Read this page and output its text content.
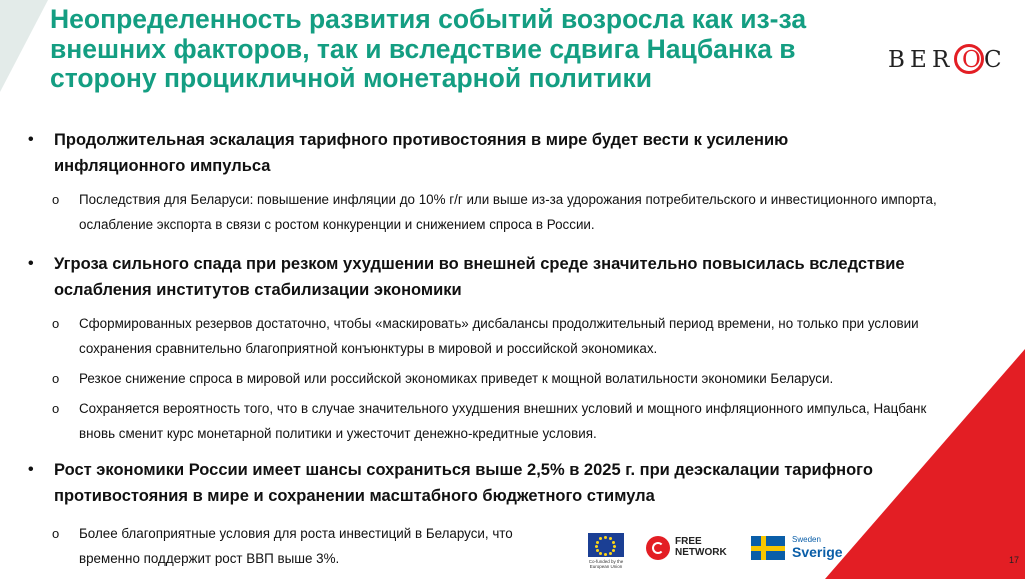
Неопределенность развития событий возросла как из-за внешних факторов, так и вследствие сдвига Нацбанка в сторону процикличной монетарной политики
B E R O C
• Продолжительная эскалация тарифного противостояния в мире будет вести к усилению инфляционного импульса
o Последствия для Беларуси: повышение инфляции до 10% г/г или выше из-за удорожания потребительского и инвестиционного импорта, ослабление экспорта в связи с ростом конкуренции и снижением спроса в России.
• Угроза сильного спада при резком ухудшении во внешней среде значительно повысилась вследствие ослабления институтов стабилизации экономики
o Сформированных резервов достаточно, чтобы «маскировать» дисбалансы продолжительный период времени, но только при условии сохранения сравнительно благоприятной конъюнктуры в мировой и российской экономиках.
o Резкое снижение спроса в мировой или российской экономиках приведет к мощной волатильности экономики Беларуси.
o Сохраняется вероятность того, что в случае значительного ухудшения внешних условий и мощного инфляционного импульса, Нацбанк вновь сменит курс монетарной политики и ужесточит денежно-кредитные условия.
• Рост экономики России имеет шансы сохраниться выше 2,5% в 2025 г. при деэскалации тарифного противостояния в мире и сохранении масштабного бюджетного стимула
o Более благоприятные условия для роста инвестиций в Беларуси, что временно поддержит рост ВВП выше 3%.	Co-funded by the European Union
FREE NETWORK
Sweden
Sverige	17
